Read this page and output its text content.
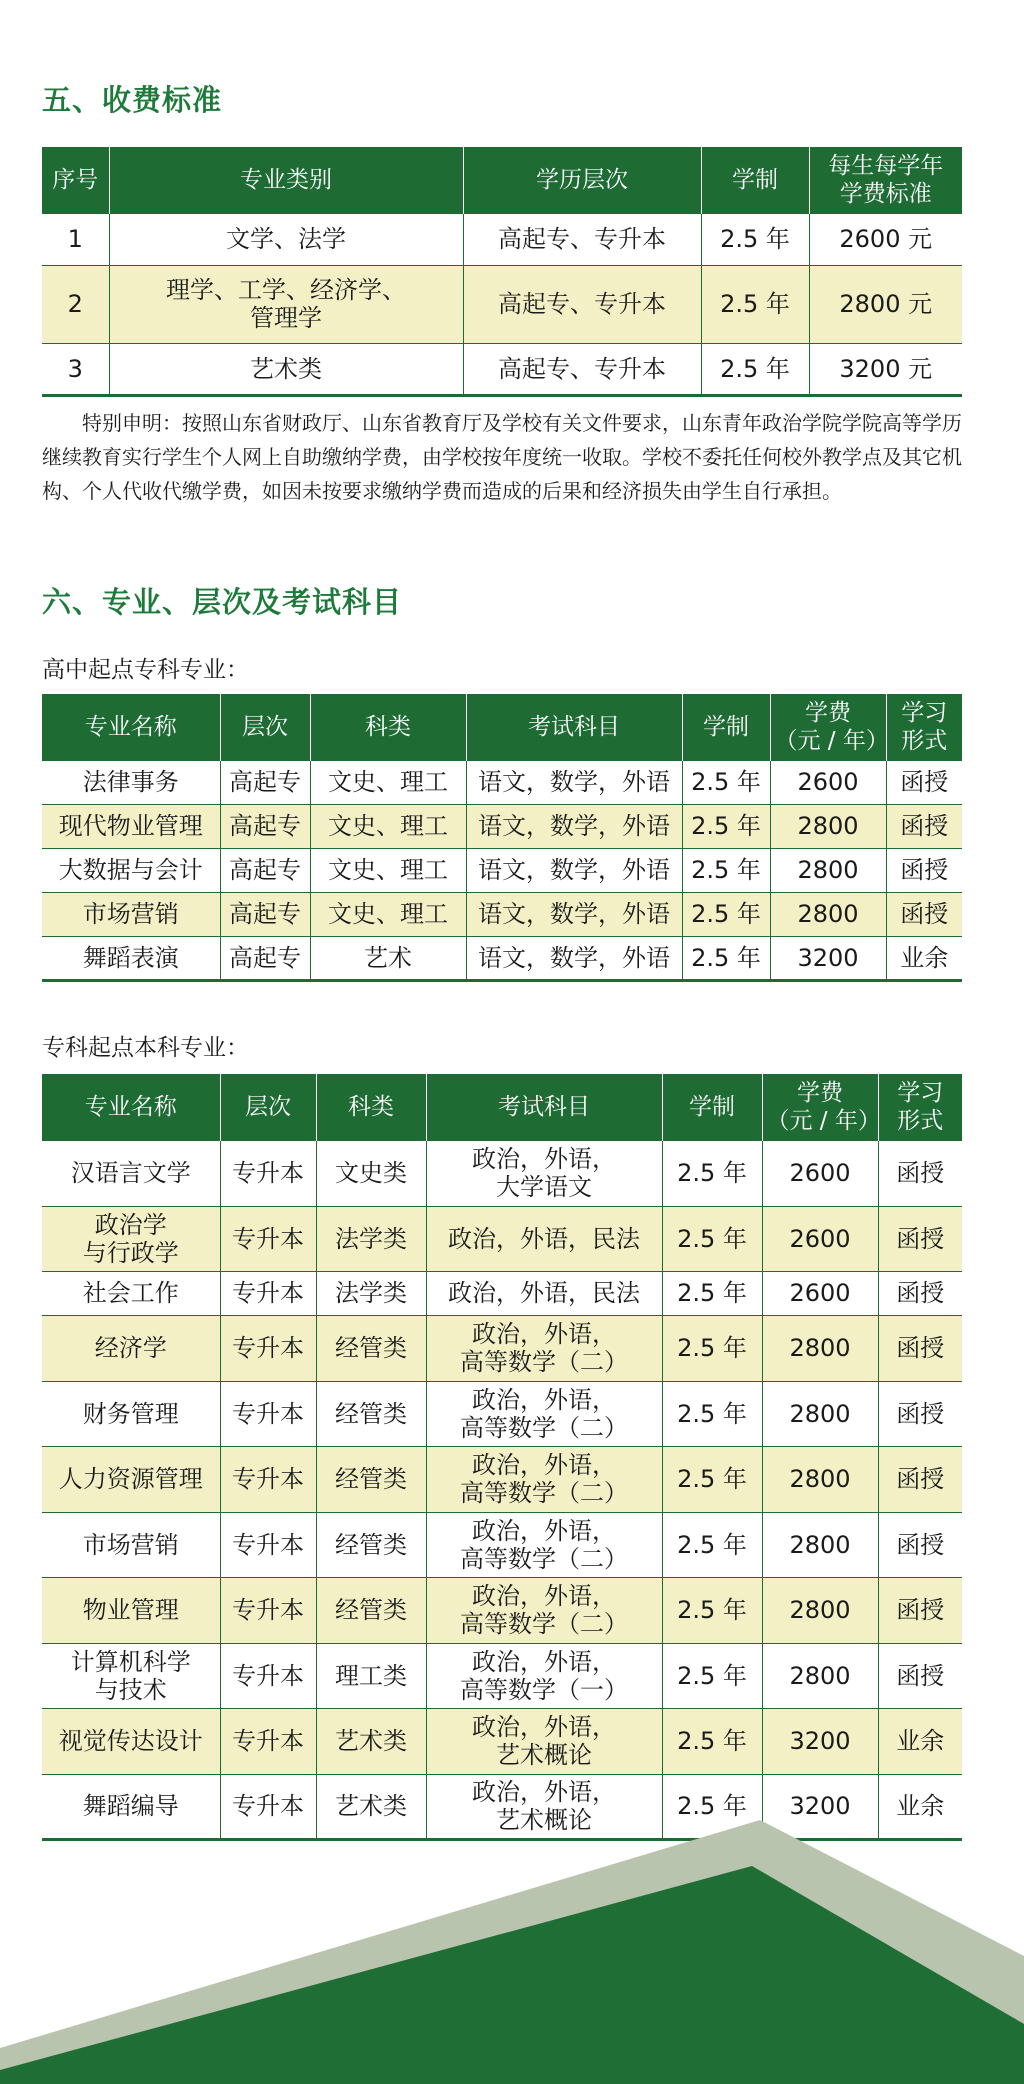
五、收费标准
序号	专业类别	学历层次	学制	每生每学年
学费标准
1	文学、法学	高起专、专升本	2.5 年	2600 元
2	理学、工学、经济学、
管理学	高起专、专升本	2.5 年	2800 元
3	艺术类	高起专、专升本	2.5 年	3200 元

特别申明：按照山东省财政厅、山东省教育厅及学校有关文件要求，山东青年政治学院学院高等学历继续教育实行学生个人网上自助缴纳学费，由学校按年度统一收取。学校不委托任何校外教学点及其它机构、个人代收代缴学费，如因未按要求缴纳学费而造成的后果和经济损失由学生自行承担。

六、专业、层次及考试科目
高中起点专科专业：
专业名称	层次	科类	考试科目	学制	学费
（元 / 年）	学习
形式
法律事务	高起专	文史、理工	语文，数学，外语	2.5 年	2600	函授
现代物业管理	高起专	文史、理工	语文，数学，外语	2.5 年	2800	函授
大数据与会计	高起专	文史、理工	语文，数学，外语	2.5 年	2800	函授
市场营销	高起专	文史、理工	语文，数学，外语	2.5 年	2800	函授
舞蹈表演	高起专	艺术	语文，数学，外语	2.5 年	3200	业余
专科起点本科专业：
专业名称	层次	科类	考试科目	学制	学费
（元 / 年）	学习
形式
汉语言文学	专升本	文史类	政治，外语，
大学语文	2.5 年	2600	函授
政治学
与行政学	专升本	法学类	政治，外语，民法	2.5 年	2600	函授
社会工作	专升本	法学类	政治，外语，民法	2.5 年	2600	函授
经济学	专升本	经管类	政治，外语，
高等数学（二）	2.5 年	2800	函授
财务管理	专升本	经管类	政治，外语，
高等数学（二）	2.5 年	2800	函授
人力资源管理	专升本	经管类	政治，外语，
高等数学（二）	2.5 年	2800	函授
市场营销	专升本	经管类	政治，外语，
高等数学（二）	2.5 年	2800	函授
物业管理	专升本	经管类	政治，外语，
高等数学（二）	2.5 年	2800	函授
计算机科学
与技术	专升本	理工类	政治，外语，
高等数学（一）	2.5 年	2800	函授
视觉传达设计	专升本	艺术类	政治，外语，
艺术概论	2.5 年	3200	业余
舞蹈编导	专升本	艺术类	政治，外语，
艺术概论	2.5 年	3200	业余
